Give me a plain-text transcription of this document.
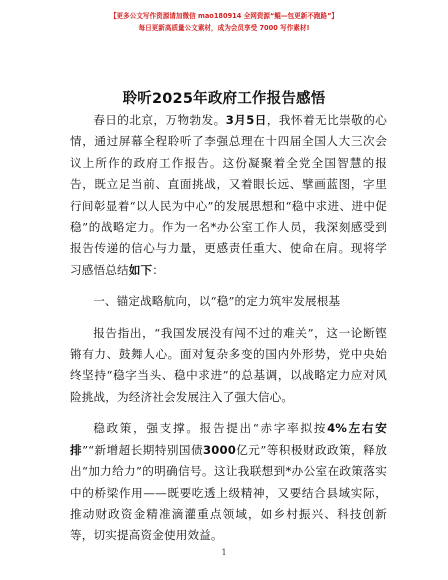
【更多公文写作资源请加微信 mao180914 全网资源“鲲—包更新不跑路”】
每日更新高质量公文素材，成为会员享受 7000 写作素材!
聆听2025年政府工作报告感悟

春日的北京，万物勃发。3月5日，我怀着无比崇敬的心情，通过屏幕全程聆听了李强总理在十四届全国人大三次会议上所作的政府工作报告。这份凝聚着全党全国智慧的报告，既立足当前、直面挑战，又着眼长远、擘画蓝图，字里行间彰显着“以人民为中心”的发展思想和“稳中求进、进中促稳”的战略定力。作为一名*办公室工作人员，我深刻感受到报告传递的信心与力量，更感责任重大、使命在肩。现将学习感悟总结如下：

一、锚定战略航向，以“稳”的定力筑牢发展根基

报告指出，“我国发展没有闯不过的难关”，这一论断铿锵有力、鼓舞人心。面对复杂多变的国内外形势，党中央始终坚持“稳字当头、稳中求进”的总基调，以战略定力应对风险挑战，为经济社会发展注入了强大信心。

稳政策，强支撑。报告提出“赤字率拟按4%左右安排”“新增超长期特别国债3000亿元”等积极财政政策，释放出“加力给力”的明确信号。这让我联想到*办公室在政策落实中的桥梁作用——既要吃透上级精神，又要结合县域实际，推动财政资金精准滴灌重点领域，如乡村振兴、科技创新等，切实提高资金使用效益。

1
